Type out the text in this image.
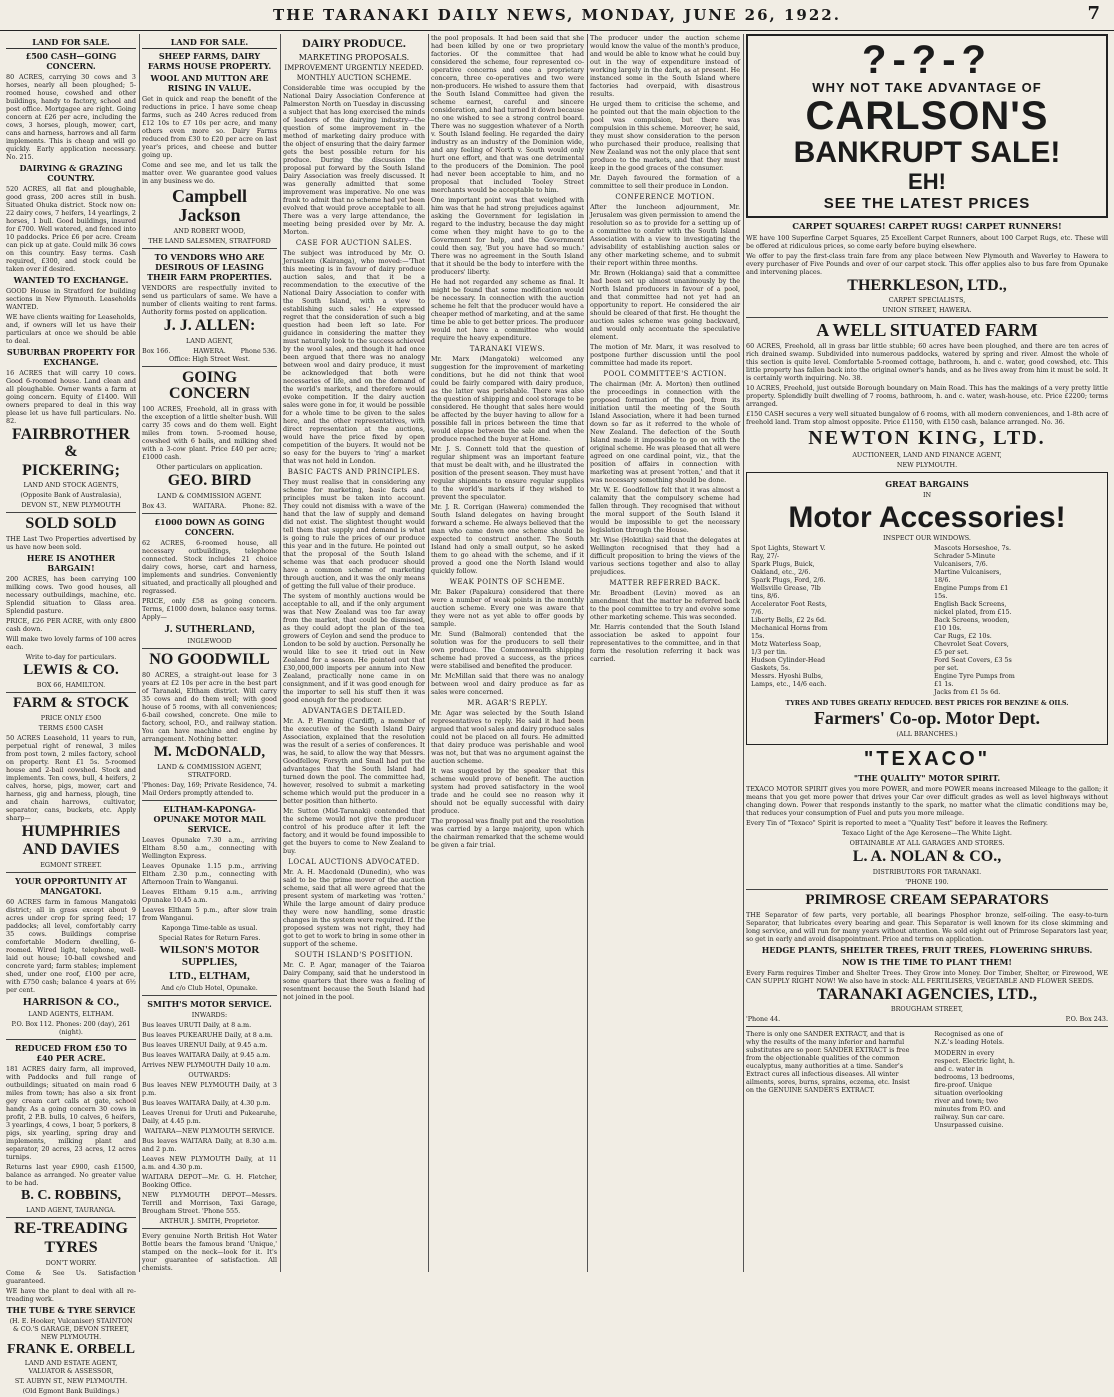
THE TARANAKI DAILY NEWS, MONDAY, JUNE 26, 1922.	7
LAND FOR SALE.
£500 CASH—GOING CONCERN.

80 ACRES, carrying 30 cows and 3 horses, nearly all been ploughed; 5-roomed house, cowshed and other buildings, handy to factory, school and post office. Mortgagee are right. Going concern at £26 per acre, including the cows, 3 horses, plough, mower, cart, cans and harness, harrows and all farm implements. This is cheap and will go quickly. Early application necessary. No. 215.

DAIRYING & GRAZING COUNTRY.

520 ACRES, all flat and ploughable, good grass, 200 acres still in bush. Situated Ohuka district. Stock now on: 22 dairy cows, 7 heifers, 14 yearlings, 2 horses, 1 bull. Good buildings, insured for £700. Well watered, and fenced into 10 paddocks. Price £6 per acre. Cream can pick up at gate. Could milk 36 cows on this country. Easy terms. Cash required, £300, and stock could be taken over if desired.

WANTED TO EXCHANGE.

GOOD House in Stratford for building sections in New Plymouth. Leaseholds WANTED.

WE have clients waiting for Leaseholds, and, if owners will let us have their particulars at once we should be able to deal.

SUBURBAN PROPERTY FOR EXCHANGE.

16 ACRES that will carry 10 cows. Good 6-roomed house. Land clean and all ploughable. Owner wants a farm at going concern. Equity of £1400. Will owners prepared to deal in this way please let us have full particulars. No. 82.

FAIRBROTHER &
PICKERING;
LAND AND STOCK AGENTS,
(Opposite Bank of Australasia),
DEVON ST., NEW PLYMOUTH
SOLD SOLD

THE Last Two Properties advertised by us have now been sold.

HERE IS ANOTHER BARGAIN!

200 ACRES, has been carrying 100 milking cows. Two good houses, all necessary outbuildings, machine, etc. Splendid situation to Glass area. Splendid pasture.

PRICE, £26 PER ACRE, with only £800 cash down.

Will make two lovely farms of 100 acres each.

Write to-day for particulars.

LEWIS & CO.
BOX 66, HAMILTON.
FARM & STOCK
PRICE ONLY £500
TERMS £500 CASH

50 ACRES Leasehold, 11 years to run, perpetual right of renewal, 3 miles from post town, 2 miles factory, school on property. Rent £1 5s. 5-roomed house and 2-bail cowshed. Stock and implements. Ten cows, bull, 4 heifers, 2 calves, horse, pigs, mower, cart and harness, gig and harness, plough, tine and chain harrows, cultivator, separator, cans, buckets, etc. Apply sharp—

HUMPHRIES
AND DAVIES
EGMONT STREET.
YOUR OPPORTUNITY AT MANGATOKI.

60 ACRES farm in famous Mangatoki district; all in grass except about 9 acres under crop for spring feed; 17 paddocks; all level, comfortably carry 35 cows. Buildings comprise comfortable Modern dwelling, 6-roomed. Wired light, telephone, well-laid out house; 10-ball cowshed and concrete yard; farm stables; implement shed, under one roof, £100 per acre, with £750 cash; balance 4 years at 6½ per cent.

HARRISON & CO.,
LAND AGENTS, ELTHAM.
P.O. Box 112. Phones: 200 (day), 261 (night).
REDUCED FROM £50 TO £40 PER ACRE.

181 ACRES dairy farm, all improved, with Paddocks and full range of outbuildings; situated on main road 6 miles from town; has also a six front gey cream cart calls at gate, school handy. As a going concern 30 cows in profit, 2 P.B. bulls, 10 calves, 6 heifers, 3 yearlings, 4 cows, 1 boar, 5 porkers, 8 pigs, six yearling, spring dray and implements, milking plant and separator, 20 acres, 23 acres, 12 acres turnips.

Returns last year £900, cash £1500, balance as arranged. No greater value to be had.

B. C. ROBBINS,
LAND AGENT, TAURANGA.
RE-TREADING
TYRES
DON'T WORRY.

Come & See Us. Satisfaction guaranteed.

WE have the plant to deal with all re-treading work.

THE TUBE & TYRE SERVICE

(H. E. Hooker, Vulcaniser) STAINTON & CO.'S GARAGE, DEVON STREET, NEW PLYMOUTH.

FRANK E. ORBELL
LAND AND ESTATE AGENT, VALUATOR & ASSESSOR,
ST. AUBYN ST., NEW PLYMOUTH.
(Old Egmont Bank Buildings.)
LAND FOR SALE.
SHEEP FARMS, DAIRY FARMS HOUSE PROPERTY.
WOOL AND MUTTON ARE RISING IN VALUE.

Get in quick and reap the benefit of the reductions in price. I have some cheap farms, such as 240 Acres reduced from £12 10s to £7 10s per acre, and many others even more so. Dairy Farms reduced from £30 to £20 per acre on last year's prices, and cheese and butter going up.

Come and see me, and let us talk the matter over. We guarantee good values in any business we do.

Campbell Jackson
AND ROBERT WOOD,
THE LAND SALESMEN, STRATFORD
TO VENDORS WHO ARE DESIROUS OF LEASING THEIR FARM PROPERTIES.

VENDORS are respectfully invited to send us particulars of same. We have a number of clients waiting to rent farms. Authority forms posted on application.

J. J. ALLEN:
LAND AGENT,
Box 166.	HAWERA.	Phone 536.
Office: High Street West.
GOING CONCERN

100 ACRES, Freehold, all in grass with the exception of a little shelter bush. Will carry 35 cows and do them well. Eight miles from town. 5-roomed house, cowshed with 6 bails, and milking shed with a 3-cow plant. Price £40 per acre; £1000 cash.

Other particulars on application.

GEO. BIRD
LAND & COMMISSION AGENT.
Box 43.	WAITARA.	Phone: 82.
£1000 DOWN AS GOING CONCERN.

62 ACRES, 6-roomed house, all necessary outbuildings, telephone connected. Stock includes 21 choice dairy cows, horse, cart and harness, implements and sundries. Conveniently situated, and practically all ploughed and regrassed.

PRICE, only £58 as going concern. Terms, £1000 down, balance easy terms. Apply—

J. SUTHERLAND,
INGLEWOOD
NO GOODWILL

80 ACRES, a straight-out lease for 3 years at £2 10s per acre in the best part of Taranaki, Eltham district. Will carry 35 cows and do them well; with good house of 5 rooms, with all conveniences; 6-bail cowshed, concrete. One mile to factory, school, P.O., and railway station. You can have machine and engine by arrangement. Nothing better.

M. McDONALD,
LAND & COMMISSION AGENT, STRATFORD.

'Phones: Day, 169; Private Residence, 74. Mail Orders promptly attended to.

ELTHAM-KAPONGA-OPUNAKE MOTOR MAIL SERVICE.

Leaves Opunake 7.30 a.m., arriving Eltham 8.50 a.m., connecting with Wellington Express.

Leaves Opunake 1.15 p.m., arriving Eltham 2.30 p.m., connecting with Afternoon Train to Wanganui.

Leaves Eltham 9.15 a.m., arriving Opunake 10.45 a.m.

Leaves Eltham 5 p.m., after slow train from Wanganui.

Kaponga Time-table as usual.

Special Rates for Return Fares.

WILSON'S MOTOR SUPPLIES,
LTD., ELTHAM,
And c/o Club Hotel, Opunake.
SMITH'S MOTOR SERVICE.
INWARDS:

Bus leaves URUTI Daily, at 8 a.m.

Bus leaves PUKEARUHE Daily, at 8 a.m.

Bus leaves URENUI Daily, at 9.45 a.m.

Bus leaves WAITARA Daily, at 9.45 a.m.

Arrives NEW PLYMOUTH Daily 10 a.m.

OUTWARDS:

Bus leaves NEW PLYMOUTH Daily, at 3 p.m.

Bus leaves WAITARA Daily, at 4.30 p.m.

Leaves Urenui for Uruti and Pukearuhe, Daily, at 4.45 p.m.

WAITARA—NEW PLYMOUTH SERVICE.

Bus leaves WAITARA Daily, at 8.30 a.m. and 2 p.m.

Leaves NEW PLYMOUTH Daily, at 11 a.m. and 4.30 p.m.

WAITARA DEPOT—Mr. G. H. Fletcher, Booking Office.

NEW PLYMOUTH DEPOT—Messrs. Terrill and Morrison, Taxi Garage, Brougham Street. 'Phone 555.

ARTHUR J. SMITH, Proprietor.

Every genuine North British Hot Water Bottle bears the famous brand 'Unique,' stamped on the neck—look for it. It's your guarantee of satisfaction. All chemists.

DAIRY PRODUCE.
MARKETING PROPOSALS.
IMPROVEMENT URGENTLY NEEDED.
MONTHLY AUCTION SCHEME.

Considerable time was occupied by the National Dairy Association Conference at Palmerston North on Tuesday in discussing a subject that has long exercised the minds of leaders of the dairying industry—the question of some improvement in the method of marketing dairy produce with the object of ensuring that the dairy farmer gets the best possible return for his produce. During the discussion the proposal put forward by the South Island Dairy Association was freely discussed. It was generally admitted that some improvement was imperative. No one was frank to admit that no scheme had yet been evolved that would prove acceptable to all. There was a very large attendance, the meeting being presided over by Mr. A. Morton.

CASE FOR AUCTION SALES.

The subject was introduced by Mr. O. Jerusalem (Kairanga), who moved:—'That this meeting is in favour of dairy produce auction sales, and that it be a recommendation to the executive of the National Dairy Association to confer with the South Island, with a view to establishing such sales.' He expressed regret that the consideration of such a big question had been left so late. For guidance in considering the matter they must naturally look to the success achieved by the wool sales, and though it had once been argued that there was no analogy between wool and dairy produce, it must be acknowledged that both were necessaries of life, and on the demand of the world's markets, and therefore would evoke competition. If the dairy auction sales were gone in for, it would be possible for a whole time to be given to the sales here, and the other representatives, with direct representation at the auctions, would have the price fixed by open competition of the buyers. It would not be so easy for the buyers to 'ring' a market that was not held in London.

BASIC FACTS AND PRINCIPLES.

They must realise that in considering any scheme for marketing, basic facts and principles must be taken into account. They could not dismiss with a wave of the hand that the law of supply and demand did not exist. The slightest thought would tell them that supply and demand is what is going to rule the prices of our produce this year and in the future. He pointed out that the proposal of the South Island scheme was that each producer should have a common scheme of marketing through auction, and it was the only means of getting the full value of their produce.

The system of monthly auctions would be acceptable to all, and if the only argument was that New Zealand was too far away from the market, that could be dismissed, as they could adopt the plan of the tea growers of Ceylon and send the produce to London to be sold by auction. Personally he would like to see it tried out in New Zealand for a season. He pointed out that £30,000,000 imports per annum into New Zealand, practically none came in on consignment, and if it was good enough for the importer to sell his stuff then it was good enough for the producer.

ADVANTAGES DETAILED.

Mr. A. P. Fleming (Cardiff), a member of the executive of the South Island Dairy Association, explained that the resolution was the result of a series of conferences. It was, he said, to allow the way that Messrs. Goodfellow, Forsyth and Small had put the advantages that the South Island had turned down the pool. The committee had, however, resolved to submit a marketing scheme which would put the producer in a better position than hitherto.

Mr. Sutton (Mid-Taranaki) contended that the scheme would not give the producer control of his produce after it left the factory, and it would be found impossible to get the buyers to come to New Zealand to buy.

LOCAL AUCTIONS ADVOCATED.

Mr. A. H. Macdonald (Dunedin), who was said to be the prime mover of the auction scheme, said that all were agreed that the present system of marketing was 'rotten.' While the large amount of dairy produce they were now handling, some drastic changes in the system were required. If the proposed system was not right, they had got to get to work to bring in some other in support of the scheme.

SOUTH ISLAND'S POSITION.

Mr. C. P. Agar, manager of the Taiaroa Dairy Company, said that he understood in some quarters that there was a feeling of resentment because the South Island had not joined in the pool.

the pool proposals. It had been said that she had been killed by one or two proprietary factories. Of the committee that had considered the scheme, four represented co-operative concerns and one a proprietary concern, three co-operatives and two were non-producers. He wished to assure them that the South Island Committee had given the scheme earnest, careful and sincere consideration, and had turned it down because no one wished to see a strong control board. There was no suggestion whatever of a North v. South Island feeling. He regarded the dairy industry as an industry of the Dominion wide, and any feeling of North v. South would only hurt one effort, and that was one detrimental to the producers of the Dominion. The pool had never been acceptable to him, and no proposal that included Tooley Street merchants would be acceptable to him.

One important point was that weighed with him was that he had strong prejudices against asking the Government for legislation in regard to the industry, because the day might come when they might have to go to the Government for help, and the Government could then say, 'But you have had so much.' There was no agreement in the South Island that it should be the body to interfere with the producers' liberty.

He had not regarded any scheme as final. It might be found that some modification would be necessary. In connection with the auction scheme he felt that the producer would have a cheaper method of marketing, and at the same time be able to get better prices. The producer would not have a committee who would require the heavy expenditure.

TARANAKI VIEWS.

Mr. Marx (Mangatoki) welcomed any suggestion for the improvement of marketing conditions, but he did not think that wool could be fairly compared with dairy produce, as the latter was perishable. There was also the question of shipping and cool storage to be considered. He thought that sales here would be affected by the buyer having to allow for a possible fall in prices between the time that would elapse between the sale and when the produce reached the buyer at Home.

Mr. J. S. Connett told that the question of regular shipment was an important feature that must be dealt with, and he illustrated the position of the present season. They must have regular shipments to ensure regular supplies to the world's markets if they wished to prevent the speculator.

Mr. J. R. Corrigan (Hawera) commended the South Island delegates on having brought forward a scheme. He always believed that the man who came down one scheme should be expected to construct another. The South Island had only a small output, so he asked them to go ahead with the scheme, and if it proved a good one the North Island would quickly follow.

WEAK POINTS OF SCHEME.

Mr. Baker (Papakura) considered that there were a number of weak points in the monthly auction scheme. Every one was aware that they were not as yet able to offer goods by sample.

Mr. Sund (Balmoral) contended that the solution was for the producers to sell their own produce. The Commonwealth shipping scheme had proved a success, as the prices were stabilised and benefited the producer.

Mr. McMillan said that there was no analogy between wool and dairy produce as far as sales were concerned.

MR. AGAR'S REPLY.

Mr. Agar was selected by the South Island representatives to reply. He said it had been argued that wool sales and dairy produce sales could not be placed on all fours. He admitted that dairy produce was perishable and wool was not, but that was no argument against the auction scheme.

It was suggested by the speaker that this scheme would prove of benefit. The auction system had proved satisfactory in the wool trade and he could see no reason why it should not be equally successful with dairy produce.

The proposal was finally put and the resolution was carried by a large majority, upon which the chairman remarked that the scheme would be given a fair trial.

The producer under the auction scheme would know the value of the month's produce, and would be able to know what he could buy out in the way of expenditure instead of working largely in the dark, as at present. He instanced some in the South Island where factories had overpaid, with disastrous results.

He urged them to criticise the scheme, and he pointed out that the main objection to the pool was compulsion, but there was compulsion in this scheme. Moreover, he said, they must show consideration to the person who purchased their produce, realising that New Zealand was not the only place that sent produce to the markets, and that they must keep in the good graces of the consumer.

Mr. Dayeh favoured the formation of a committee to sell their produce in London.

CONFERENCE MOTION.

After the luncheon adjournment, Mr. Jerusalem was given permission to amend the resolution so as to provide for a setting up of a committee to confer with the South Island Association with a view to investigating the advisability of establishing auction sales or any other marketing scheme, and to submit their report within three months.

Mr. Brown (Hokianga) said that a committee had been set up almost unanimously by the North Island producers in favour of a pool, and that committee had not yet had an opportunity to report. He considered the air should be cleared of that first. He thought the auction sales scheme was going backward, and would only accentuate the speculative element.

The motion of Mr. Marx, it was resolved to postpone further discussion until the pool committee had made its report.

POOL COMMITTEE'S ACTION.

The chairman (Mr. A. Morton) then outlined the proceedings in connection with the proposed formation of the pool, from its initiation until the meeting of the South Island Association, where it had been turned down so far as it referred to the whole of New Zealand. The defection of the South Island made it impossible to go on with the original scheme. He was pleased that all were agreed on one cardinal point, viz., that the position of affairs in connection with marketing was at present 'rotten,' and that it was necessary something should be done.

Mr. W. E. Goodfellow felt that it was almost a calamity that the compulsory scheme had fallen through. They recognised that without the moral support of the South Island it would be impossible to get the necessary legislation through the House.

Mr. Wise (Hokitika) said that the delegates at Wellington recognised that they had a difficult proposition to bring the views of the various sections together and also to allay prejudices.

MATTER REFERRED BACK.

Mr. Broadbent (Levin) moved as an amendment that the matter be referred back to the pool committee to try and evolve some other marketing scheme. This was seconded.

Mr. Harris contended that the South Island association be asked to appoint four representatives to the committee, and in that form the resolution referring it back was carried.

?-?-?
WHY NOT TAKE ADVANTAGE OF
CARLSON'S
BANKRUPT SALE!
EH!
SEE THE LATEST PRICES
CARPET SQUARES! CARPET RUGS! CARPET RUNNERS!

WE have 100 Superfine Carpet Squares, 25 Excellent Carpet Runners, about 100 Carpet Rugs, etc. These will be offered at ridiculous prices, so come early before buying elsewhere.

We offer to pay the first-class train fare from any place between New Plymouth and Waverley to Hawera to every purchaser of Five Pounds and over of our carpet stock. This offer applies also to bus fare from Opunake and intervening places.

THERKLESON, LTD.,
CARPET SPECIALISTS,
UNION STREET, HAWERA.
A WELL SITUATED FARM

60 ACRES, Freehold, all in grass bar little stubble; 60 acres have been ploughed, and there are ten acres of rich drained swamp. Subdivided into numerous paddocks, watered by spring and river. Almost the whole of this section is quite level. Comfortable 5-roomed cottage, bathroom, h. and c. water, good cowshed, etc. This little property has fallen back into the original owner's hands, and as he lives away from him it must be sold. It is certainly worth inquiring. No. 38.

10 ACRES, Freehold, just outside Borough boundary on Main Road. This has the makings of a very pretty little property. Splendidly built dwelling of 7 rooms, bathroom, h. and c. water, wash-house, etc. Price £2200; terms arranged.

£150 CASH secures a very well situated bungalow of 6 rooms, with all modern conveniences, and 1-8th acre of freehold land. Tram stop almost opposite. Price £1150, with £150 cash, balance arranged. No. 36.

NEWTON KING, LTD.
AUCTIONEER, LAND AND FINANCE AGENT,
NEW PLYMOUTH.
GREAT BARGAINS
IN
Motor Accessories!
INSPECT OUR WINDOWS.
Spot Lights, Stewart V. Ray, 27/-
Spark Plugs, Buick, Oakland, etc., 2/6.
Spark Plugs, Ford, 2/6.
Wellsville Grease, 7lb tins, 8/6.
Accelerator Foot Rests, 7/6.
Liberty Bells, £2 2s 6d.
Mechanical Horns from 15s.
Motz Waterless Soap, 1/3 per tin.
Hudson Cylinder-Head Gaskets, 5s.
Messrs. Hyoshi Bulbs, Lamps, etc., 14/6 each.
Mascots Horseshoe, 7s.
Schrader 5-Minute Vulcanisers, 7/6.
Martine Vulcanisers, 18/6.
Engine Pumps from £1 15s.
English Back Screens, nickel plated, from £15.
Back Screens, wooden, £10 10s.
Car Rugs, £2 10s.
Chevrolet Seat Covers, £5 per set.
Ford Seat Covers, £3 5s per set.
Engine Tyre Pumps from £1 1s.
Jacks from £1 5s 6d.
TYRES AND TUBES GREATLY REDUCED. BEST PRICES FOR BENZINE & OILS.
Farmers' Co-op. Motor Dept.
(ALL BRANCHES.)
"TEXACO"
"THE QUALITY" MOTOR SPIRIT.

TEXACO MOTOR SPIRIT gives you more POWER, and more POWER means increased Mileage to the gallon; it means that you get more power that drives your Car over difficult grades as well as level highways without changing down. Power that responds instantly to the spark, no matter what the climatic conditions may be, that reduces your consumption of Fuel and puts you more mileage.

Every Tin of "Texaco" Spirit is reported to meet a "Quality Test" before it leaves the Refinery.

Texaco Light of the Age Kerosene—The White Light.

OBTAINABLE AT ALL GARAGES AND STORES.

L. A. NOLAN & CO.,
DISTRIBUTORS FOR TARANAKI.
'PHONE 190.
PRIMROSE CREAM SEPARATORS

THE Separator of few parts, very portable, all bearings Phosphor bronze, self-oiling. The easy-to-turn Separator, that lubricates every bearing and gear. This Separator is well known for its close skimming and long service, and will run for many years without attention. We sold eight out of Primrose Separators last year, so get in early and avoid disappointment. Price and terms on application.

HEDGE PLANTS, SHELTER TREES, FRUIT TREES, FLOWERING SHRUBS.
NOW IS THE TIME TO PLANT THEM!

Every Farm requires Timber and Shelter Trees. They Grow into Money. Dor Timber, Shelter, or Firewood, WE CAN SUPPLY RIGHT NOW! We also have in stock: ALL FERTILISERS, VEGETABLE AND FLOWER SEEDS.

TARANAKI AGENCIES, LTD.,
BROUGHAM STREET,
'Phone 44.	P.O. Box 243.
There is only one SANDER EXTRACT, and that is why the results of the many inferior and harmful substitutes are so poor. SANDER EXTRACT is free from the objectionable qualities of the common eucalyptus, many authorities at a time. Sander's Extract cures all infectious diseases. All winter ailments, sores, burns, sprains, eczema, etc. Insist on the GENUINE SANDER'S EXTRACT.
Recognised as one of N.Z.'s leading Hotels.
MODERN in every respect. Electric light, h. and c. water in bedrooms, 13 bedrooms, fire-proof. Unique situation overlooking river and town; two minutes from P.O. and railway. Sun car care. Unsurpassed cuisine.
